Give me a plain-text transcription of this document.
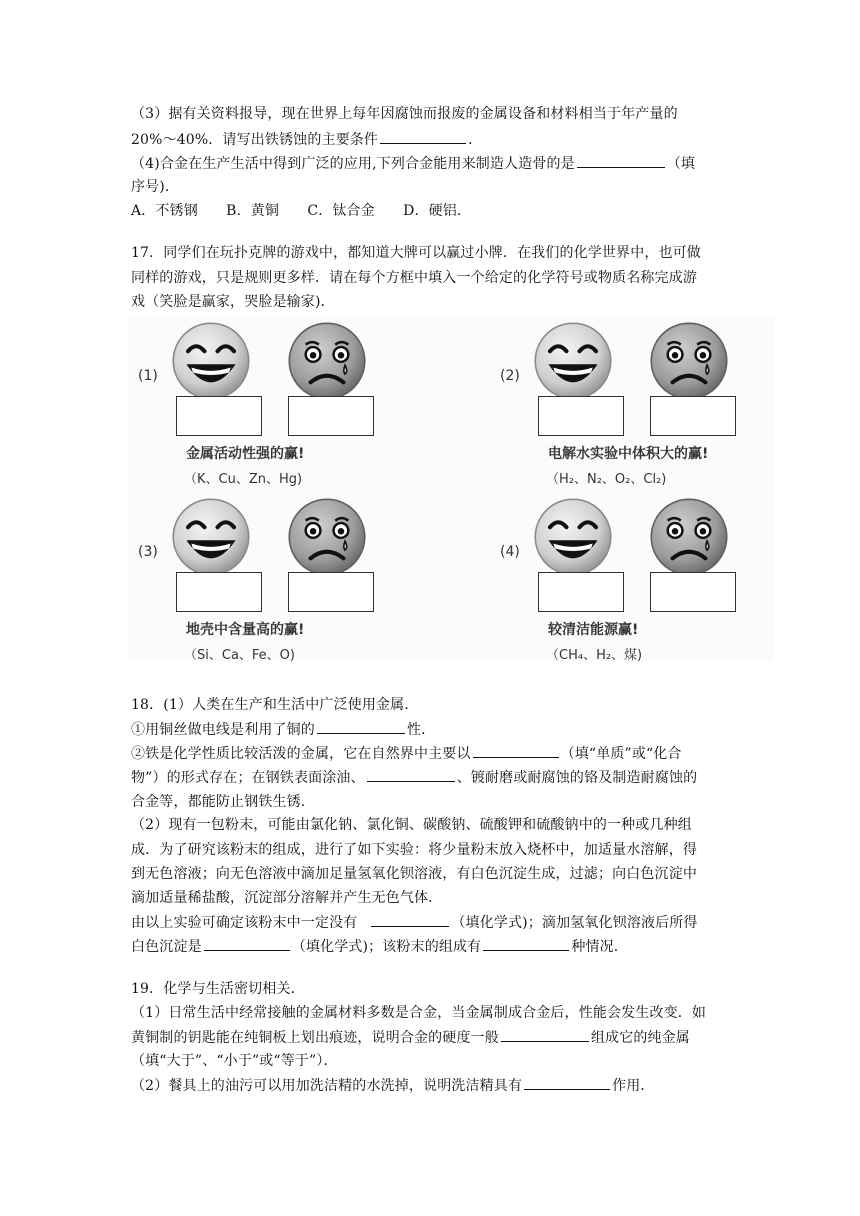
（3）据有关资料报导，现在世界上每年因腐蚀而报废的金属设备和材料相当于年产量的
20%～40%．请写出铁锈蚀的主要条件	．
（4)合金在生产生活中得到广泛的应用,下列合金能用来制造人造骨的是	（填
序号)．
A．不锈钢　　B．黄铜　　C．钛合金　　D．硬铝．
17．同学们在玩扑克牌的游戏中，都知道大牌可以赢过小牌．在我们的化学世界中，也可做
同样的游戏，只是规则更多样．请在每个方框中填入一个给定的化学符号或物质名称完成游
戏（笑脸是赢家，哭脸是输家)．
(1)
金属活动性强的赢!
（K、Cu、Zn、Hg)
(2)
电解水实验中体积大的赢!
（H₂、N₂、O₂、Cl₂)
(3)
地壳中含量高的赢!
（Si、Ca、Fe、O)
(4)
较清洁能源赢!
（CH₄、H₂、煤)
18．(1）人类在生产和生活中广泛使用金属．
①用铜丝做电线是利用了铜的	性．
②铁是化学性质比较活泼的金属，它在自然界中主要以	（填“单质”或“化合
物”）的形式存在；在钢铁表面涂油、	、镀耐磨或耐腐蚀的铬及制造耐腐蚀的
合金等，都能防止钢铁生锈．
（2）现有一包粉末，可能由氯化钠、氯化铜、碳酸钠、硫酸钾和硫酸钠中的一种或几种组
成．为了研究该粉末的组成，进行了如下实验：将少量粉末放入烧杯中，加适量水溶解，得
到无色溶液；向无色溶液中滴加足量氢氧化钡溶液，有白色沉淀生成，过滤；向白色沉淀中
滴加适量稀盐酸，沉淀部分溶解并产生无色气体．
由以上实验可确定该粉末中一定没有	（填化学式)；滴加氢氧化钡溶液后所得
白色沉淀是	（填化学式)；该粉末的组成有	种情况．
19．化学与生活密切相关．
（1）日常生活中经常接触的金属材料多数是合金，当金属制成合金后，性能会发生改变．如
黄铜制的钥匙能在纯铜板上划出痕迹，说明合金的硬度一般	组成它的纯金属
（填“大于”、“小于”或“等于”）．
（2）餐具上的油污可以用加洗洁精的水洗掉，说明洗洁精具有	作用．
